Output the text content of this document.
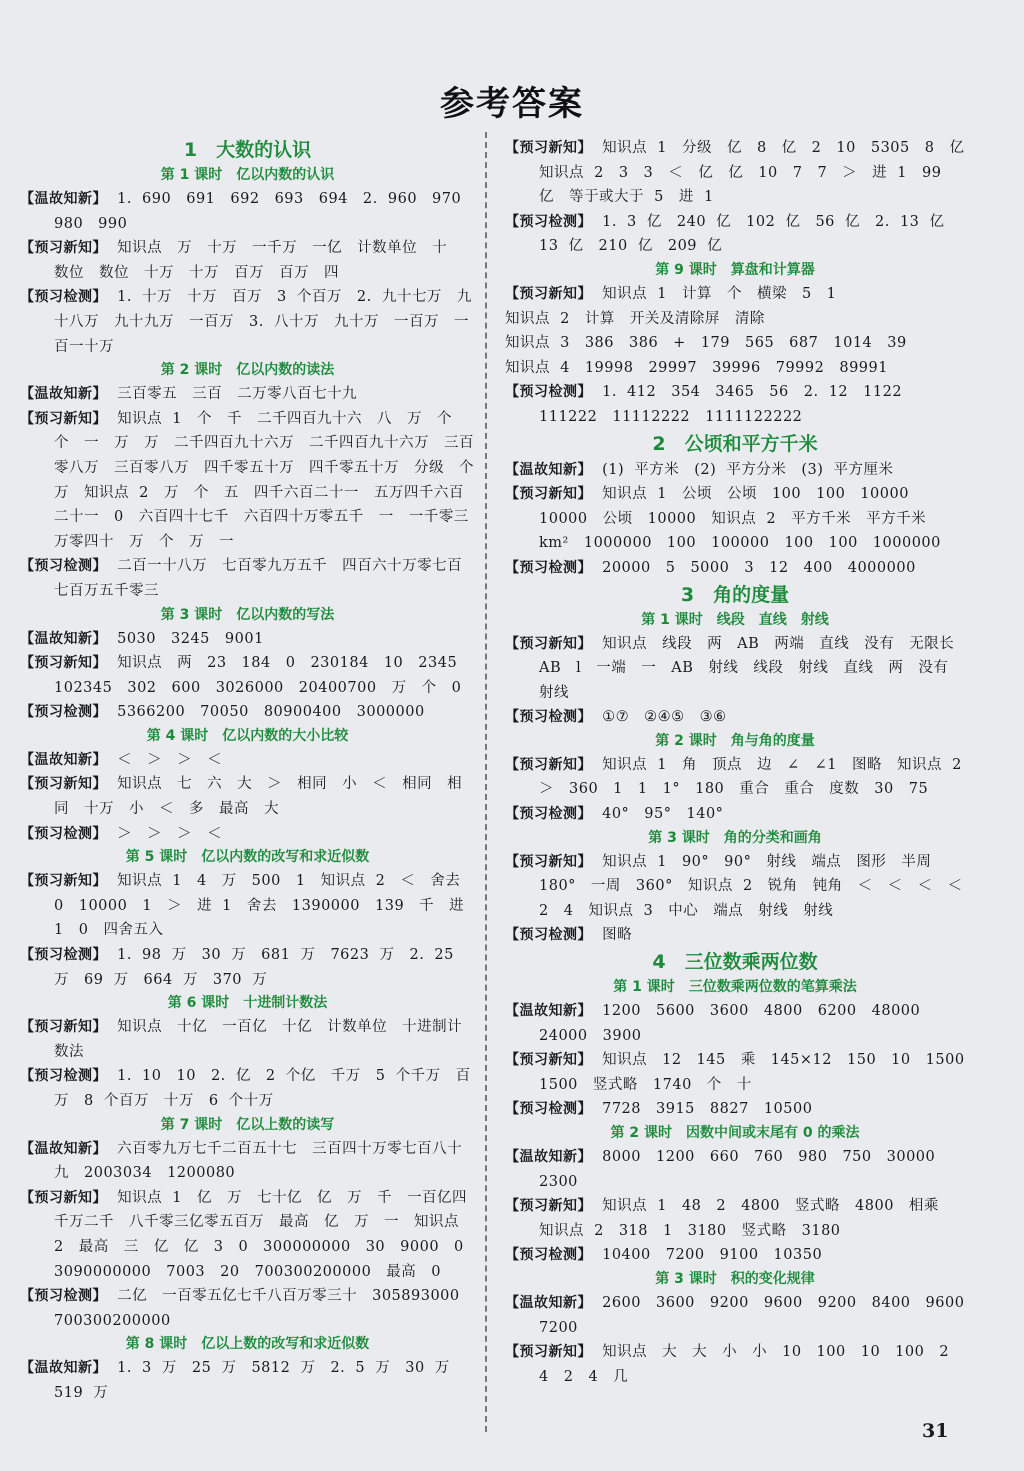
参考答案
1　大数的认识
第 1 课时　亿以内数的认识
【温故知新】 1. 690　691　692　693　694　2. 960　970　980　990
【预习新知】 知识点　万　十万　一千万　一亿　计数单位　十　数位　数位　十万　十万　百万　百万　四
【预习检测】 1. 十万　十万　百万　3 个百万　2. 九十七万　九十八万　九十九万　一百万　3. 八十万　九十万　一百万　一百一十万
第 2 课时　亿以内数的读法
【温故知新】 三百零五　三百　二万零八百七十九
【预习新知】 知识点 1　个　千　二千四百九十六　八　万　个　个　一　万　万　二千四百九十六万　二千四百九十六万　三百零八万　三百零八万　四千零五十万　四千零五十万　分级　个　万　知识点 2　万　个　五　四千六百二十一　五万四千六百二十一　0　六百四十七千　六百四十万零五千　一　一千零三万零四十　万　个　万　一
【预习检测】 二百一十八万　七百零九万五千　四百六十万零七百　七百万五千零三
第 3 课时　亿以内数的写法
【温故知新】 5030　3245　9001
【预习新知】 知识点　两　23　184　0　230184　10　2345　102345　302　600　3026000　20400700　万　个　0
【预习检测】 5366200　70050　80900400　3000000
第 4 课时　亿以内数的大小比较
【温故知新】 ＜　＞　＞　＜
【预习新知】 知识点　七　六　大　＞　相同　小　＜　相同　相同　十万　小　＜　多　最高　大
【预习检测】 ＞　＞　＞　＜
第 5 课时　亿以内数的改写和求近似数
【预习新知】 知识点 1　4　万　500　1　知识点 2　＜　舍去　0　10000　1　＞　进 1　舍去　1390000　139　千　进 1　0　四舍五入
【预习检测】 1. 98 万　30 万　681 万　7623 万　2. 25 万　69 万　664 万　370 万
第 6 课时　十进制计数法
【预习新知】 知识点　十亿　一百亿　十亿　计数单位　十进制计数法
【预习检测】 1. 10　10　2. 亿　2 个亿　千万　5 个千万　百万　8 个百万　十万　6 个十万
第 7 课时　亿以上数的读写
【温故知新】 六百零九万七千二百五十七　三百四十万零七百八十九　2003034　1200080
【预习新知】 知识点 1　亿　万　七十亿　亿　万　千　一百亿四千万二千　八千零三亿零五百万　最高　亿　万　一　知识点 2　最高　三　亿　亿　3　0　300000000　30　9000　0　3090000000　7003　20　700300200000　最高　0
【预习检测】 二亿　一百零五亿七千八百万零三十　305893000　700300200000
第 8 课时　亿以上数的改写和求近似数
【温故知新】 1. 3 万　25 万　5812 万　2. 5 万　30 万　519 万
【预习新知】 知识点 1　分级　亿　8　亿　2　10　5305　8　亿　知识点 2　3　3　＜　亿　亿　10　7　7　＞　进 1　99　亿　等于或大于 5　进 1
【预习检测】 1. 3 亿　240 亿　102 亿　56 亿　2. 13 亿　13 亿　210 亿　209 亿
第 9 课时　算盘和计算器
【预习新知】 知识点 1　计算　个　横梁　5　1
知识点 2　计算　开关及清除屏　清除
知识点 3　386　386　+　179　565　687　1014　39
知识点 4　19998　29997　39996　79992　89991
【预习检测】 1. 412　354　3465　56　2. 12　1122　111222　11112222　1111122222
2　公顷和平方千米
【温故知新】 (1) 平方米　(2) 平方分米　(3) 平方厘米
【预习新知】 知识点 1　公顷　公顷　100　100　10000　10000　公顷　10000　知识点 2　平方千米　平方千米　km²　1000000　100　100000　100　100　1000000
【预习检测】 20000　5　5000　3　12　400　4000000
3　角的度量
第 1 课时　线段　直线　射线
【预习新知】 知识点　线段　两　AB　两端　直线　没有　无限长　AB　l　一端　一　AB　射线　线段　射线　直线　两　没有　射线
【预习检测】 ①⑦　②④⑤　③⑥
第 2 课时　角与角的度量
【预习新知】 知识点 1　角　顶点　边　∠　∠1　图略　知识点 2　＞　360　1　1　1°　180　重合　重合　度数　30　75
【预习检测】 40°　95°　140°
第 3 课时　角的分类和画角
【预习新知】 知识点 1　90°　90°　射线　端点　图形　半周　180°　一周　360°　知识点 2　锐角　钝角　＜　＜　＜　＜　2　4　知识点 3　中心　端点　射线　射线
【预习检测】 图略
4　三位数乘两位数
第 1 课时　三位数乘两位数的笔算乘法
【温故知新】 1200　5600　3600　4800　6200　48000　24000　3900
【预习新知】 知识点　12　145　乘　145×12　150　10　1500　1500　竖式略　1740　个　十
【预习检测】 7728　3915　8827　10500
第 2 课时　因数中间或末尾有 0 的乘法
【温故知新】 8000　1200　660　760　980　750　30000　2300
【预习新知】 知识点 1　48　2　4800　竖式略　4800　相乘　知识点 2　318　1　3180　竖式略　3180
【预习检测】 10400　7200　9100　10350
第 3 课时　积的变化规律
【温故知新】 2600　3600　9200　9600　9200　8400　9600　7200
【预习新知】 知识点　大　大　小　小　10　100　10　100　2　4　2　4　几
31
